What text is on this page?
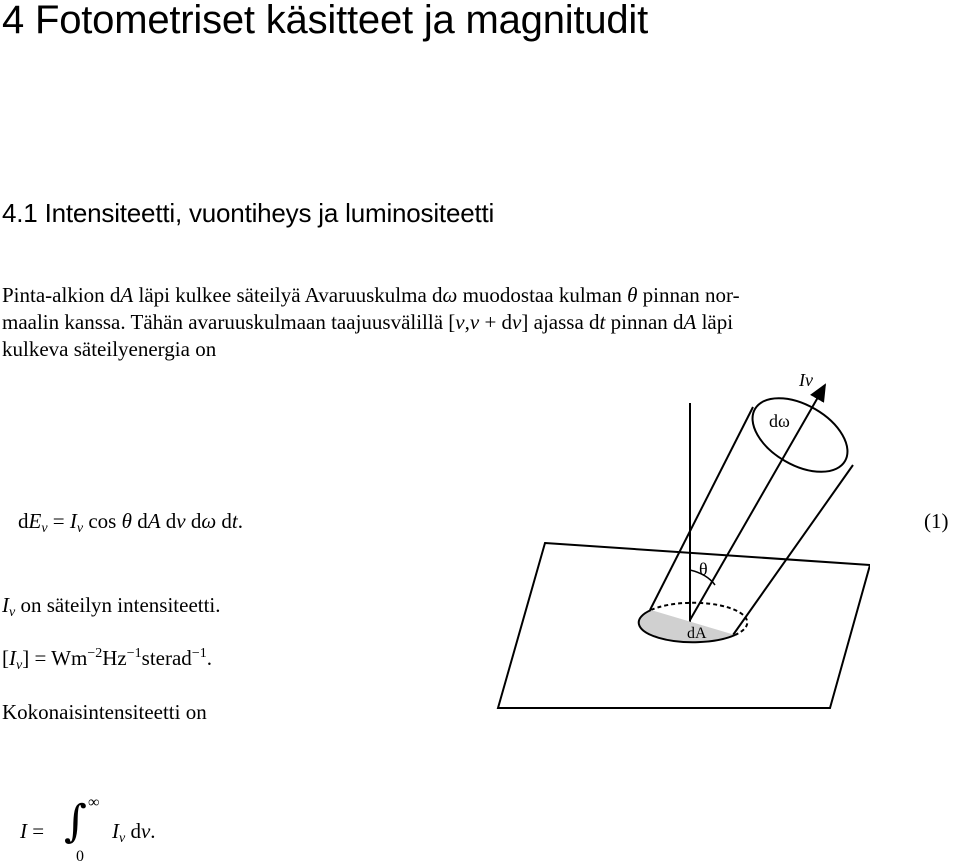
4 Fotometriset käsitteet ja magnitudit
4.1 Intensiteetti, vuontiheys ja luminositeetti
Pinta-alkion dA läpi kulkee säteilyä Avaruuskulma dω muodostaa kulman θ pinnan nor-
maalin kanssa. Tähän avaruuskulmaan taajuusvälillä [ν,ν + dν] ajassa dt pinnan dA läpi
kulkeva säteilyenergia on
$dE_\nu = I_\nu$ cos θ dA dν dω dt.	(1)
$I_\nu$ on säteilyn intensiteetti.
$[I_\nu]$ = $Wm^{-2}Hz^{-1}sterad^{-1}$.
Kokonaisintensiteetti on
I = ∫ ∞
0
$I_\nu$ dν.
Iν
dω
θ
dA
